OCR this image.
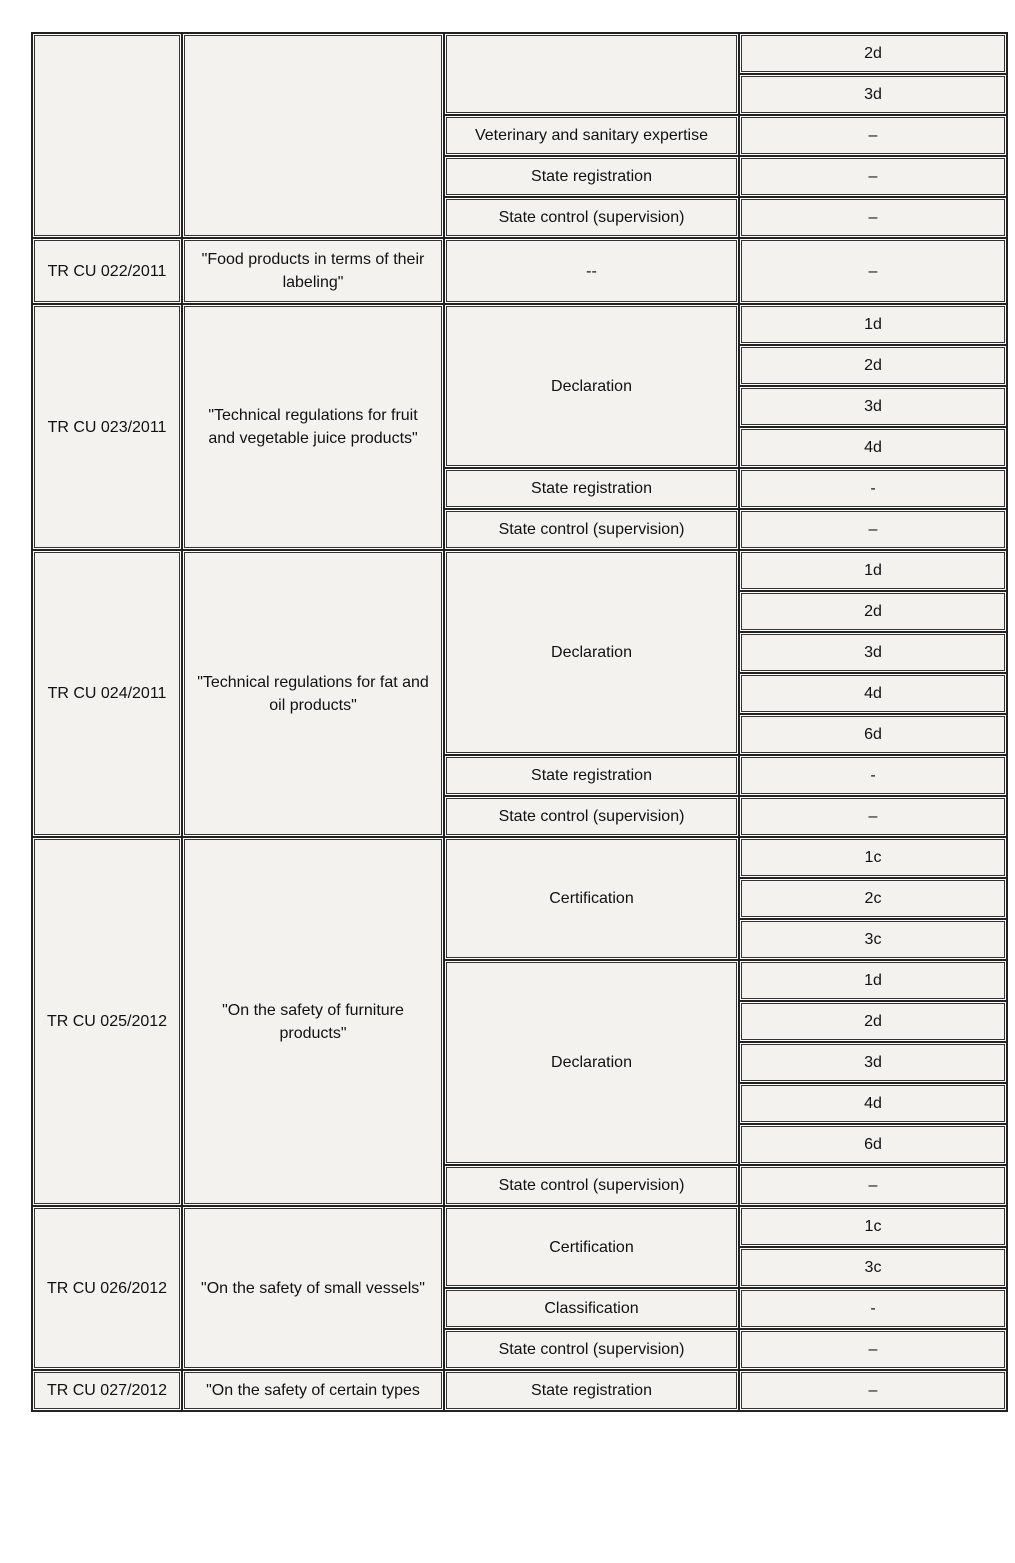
			2d
			3d
		Veterinary and sanitary expertise	–
		State registration	–
		State control (supervision)	–
TR CU 022/2011	"Food products in terms of their labeling"	--	–
TR CU 023/2011	"Technical regulations for fruit and vegetable juice products"	Declaration	1d
			2d
			3d
			4d
		State registration	-
		State control (supervision)	–
TR CU 024/2011	"Technical regulations for fat and oil products"	Declaration	1d
			2d
			3d
			4d
			6d
		State registration	-
		State control (supervision)	–
TR CU 025/2012	"On the safety of furniture products"	Certification	1c
			2c
			3c
		Declaration	1d
			2d
			3d
			4d
			6d
		State control (supervision)	–
TR CU 026/2012	"On the safety of small vessels"	Certification	1c
			3c
		Classification	-
		State control (supervision)	–
TR CU 027/2012	"On the safety of certain types	State registration	–
